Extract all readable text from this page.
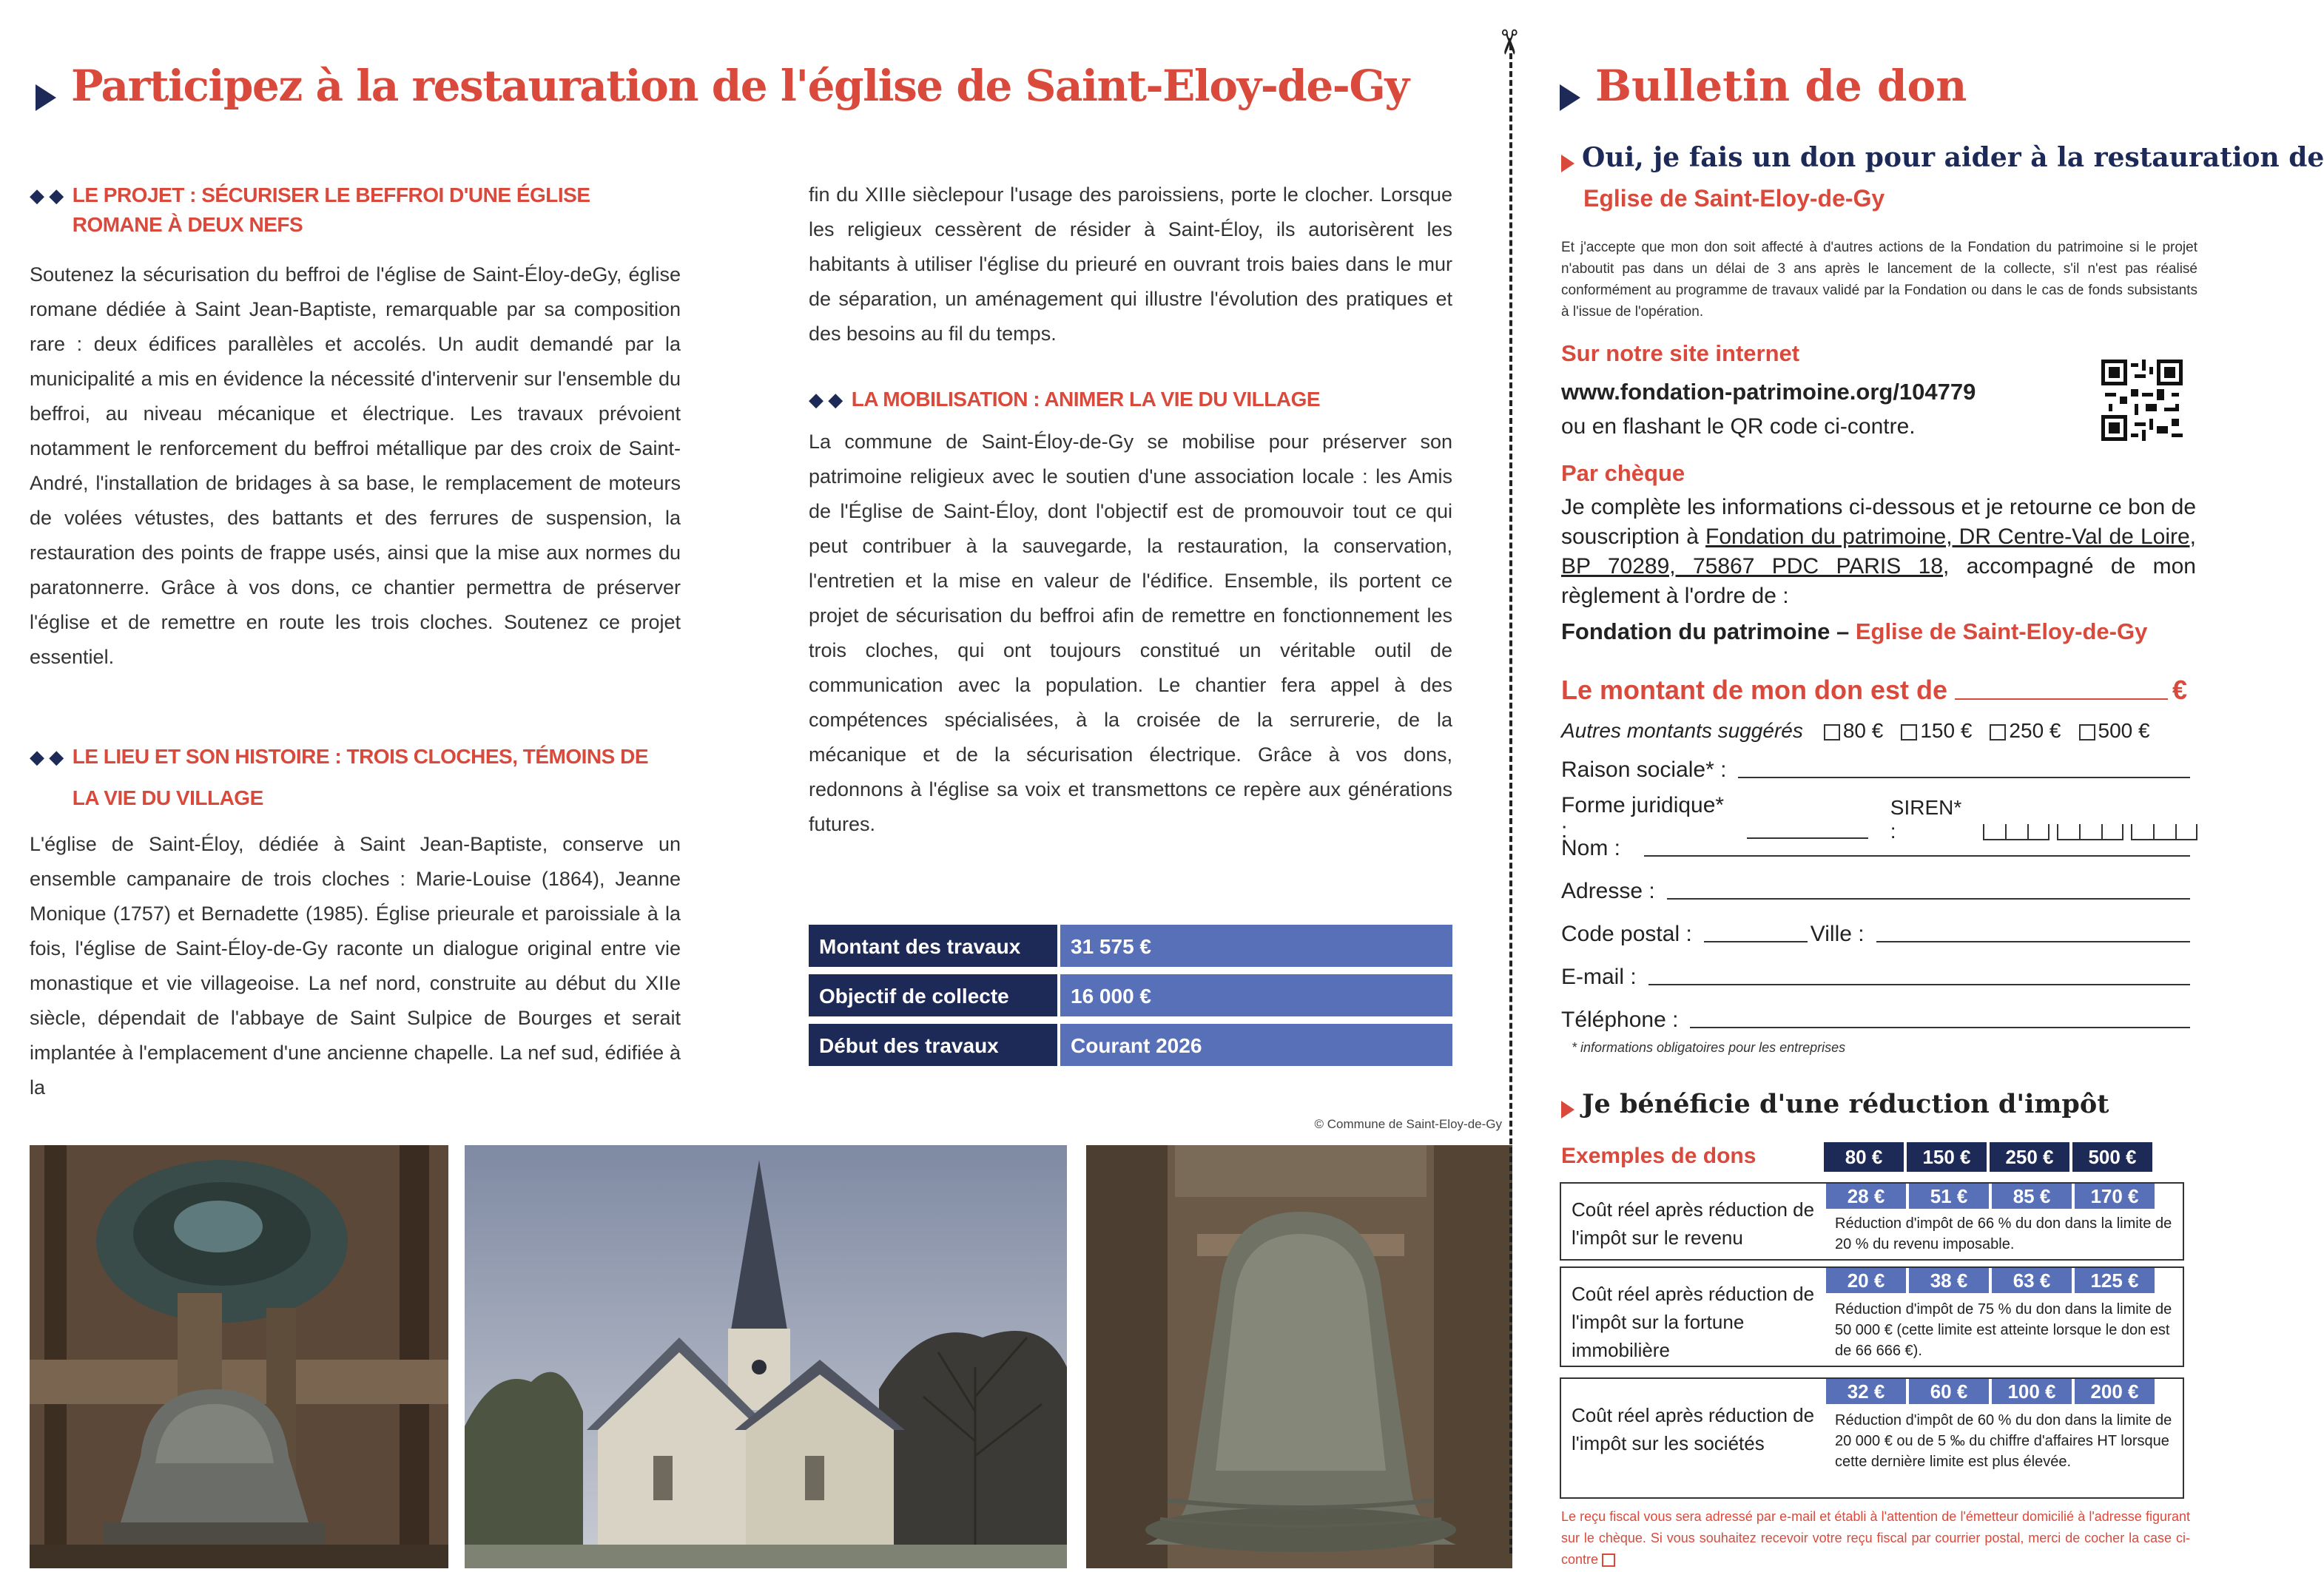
Participez à la restauration de l'église de Saint-Eloy-de-Gy
◆ ◆ LE PROJET : SÉCURISER LE BEFFROI D'UNE ÉGLISE ROMANE À DEUX NEFS
Soutenez la sécurisation du beffroi de l'église de Saint-Éloy-deGy, église romane dédiée à Saint Jean-Baptiste, remarquable par sa composition rare : deux édifices parallèles et accolés. Un audit demandé par la municipalité a mis en évidence la nécessité d'intervenir sur l'ensemble du beffroi, au niveau mécanique et électrique. Les travaux prévoient notamment le renforcement du beffroi métallique par des croix de Saint-André, l'installation de bridages à sa base, le remplacement de moteurs de volées vétustes, des battants et des ferrures de suspension, la restauration des points de frappe usés, ainsi que la mise aux normes du paratonnerre. Grâce à vos dons, ce chantier permettra de préserver l'église et de remettre en route les trois cloches. Soutenez ce projet essentiel.
◆ ◆ LE LIEU ET SON HISTOIRE : TROIS CLOCHES, TÉMOINS DE LA VIE DU VILLAGE
L'église de Saint-Éloy, dédiée à Saint Jean-Baptiste, conserve un ensemble campanaire de trois cloches : Marie-Louise (1864), Jeanne Monique (1757) et Bernadette (1985). Église prieurale et paroissiale à la fois, l'église de Saint-Éloy-de-Gy raconte un dialogue original entre vie monastique et vie villageoise. La nef nord, construite au début du XIIe siècle, dépendait de l'abbaye de Saint Sulpice de Bourges et serait implantée à l'emplacement d'une ancienne chapelle. La nef sud, édifiée à la
fin du XIIIe sièclepour l'usage des paroissiens, porte le clocher. Lorsque les religieux cessèrent de résider à Saint-Éloy, ils autorisèrent les habitants à utiliser l'église du prieuré en ouvrant trois baies dans le mur de séparation, un aménagement qui illustre l'évolution des pratiques et des besoins au fil du temps.
◆ ◆ LA MOBILISATION : ANIMER LA VIE DU VILLAGE
La commune de Saint-Éloy-de-Gy se mobilise pour préserver son patrimoine religieux avec le soutien d'une association locale : les Amis de l'Église de Saint-Éloy, dont l'objectif est de promouvoir tout ce qui peut contribuer à la sauvegarde, la restauration, la conservation, l'entretien et la mise en valeur de l'édifice. Ensemble, ils portent ce projet de sécurisation du beffroi afin de remettre en fonctionnement les trois cloches, qui ont toujours constitué un véritable outil de communication avec la population. Le chantier fera appel à des compétences spécialisées, à la croisée de la serrurerie, de la mécanique et de la sécurisation électrique. Grâce à vos dons, redonnons à l'église sa voix et transmettons ce repère aux générations futures.
Montant des travaux	31 575 €
Objectif de collecte	16 000 €
Début des travaux	Courant 2026
© Commune de Saint-Eloy-de-Gy
✂
Bulletin de don
Oui, je fais un don pour aider à la restauration de
Eglise de Saint-Eloy-de-Gy
Et j'accepte que mon don soit affecté à d'autres actions de la Fondation du patrimoine si le projet n'aboutit pas dans un délai de 3 ans après le lancement de la collecte, s'il n'est pas réalisé conformément au programme de travaux validé par la Fondation ou dans le cas de fonds subsistants à l'issue de l'opération.
Sur notre site internet
www.fondation-patrimoine.org/104779
ou en flashant le QR code ci-contre.
Par chèque
Je complète les informations ci-dessous et je retourne ce bon de souscription à Fondation du patrimoine, DR Centre-Val de Loire, BP 70289, 75867 PDC PARIS 18, accompagné de mon règlement à l'ordre de :
Fondation du patrimoine – Eglise de Saint-Eloy-de-Gy
Le montant de mon don est de	€
Autres montants suggérés	80 €	150 €	250 €	500 €
Raison sociale* :
Forme juridique* :
SIREN* :
Nom :
Adresse :
Code postal :	Ville :
E-mail :
Téléphone :
* informations obligatoires pour les entreprises
Je bénéficie d'une réduction d'impôt
Exemples de dons	80 €	150 €	250 €	500 €
Coût réel après réduction de l'impôt sur le revenu
28 €	51 €	85 €	170 €
Réduction d'impôt de 66 % du don dans la limite de 20 % du revenu imposable.
Coût réel après réduction de l'impôt sur la fortune immobilière
20 €	38 €	63 €	125 €
Réduction d'impôt de 75 % du don dans la limite de 50 000 € (cette limite est atteinte lorsque le don est de 66 666 €).
Coût réel après réduction de l'impôt sur les sociétés
32 €	60 €	100 €	200 €
Réduction d'impôt de 60 % du don dans la limite de 20 000 € ou de 5 ‰ du chiffre d'affaires HT lorsque cette dernière limite est plus élevée.
Le reçu fiscal vous sera adressé par e-mail et établi à l'attention de l'émetteur domicilié à l'adresse figurant sur le chèque. Si vous souhaitez recevoir votre reçu fiscal par courrier postal, merci de cocher la case ci-contre
